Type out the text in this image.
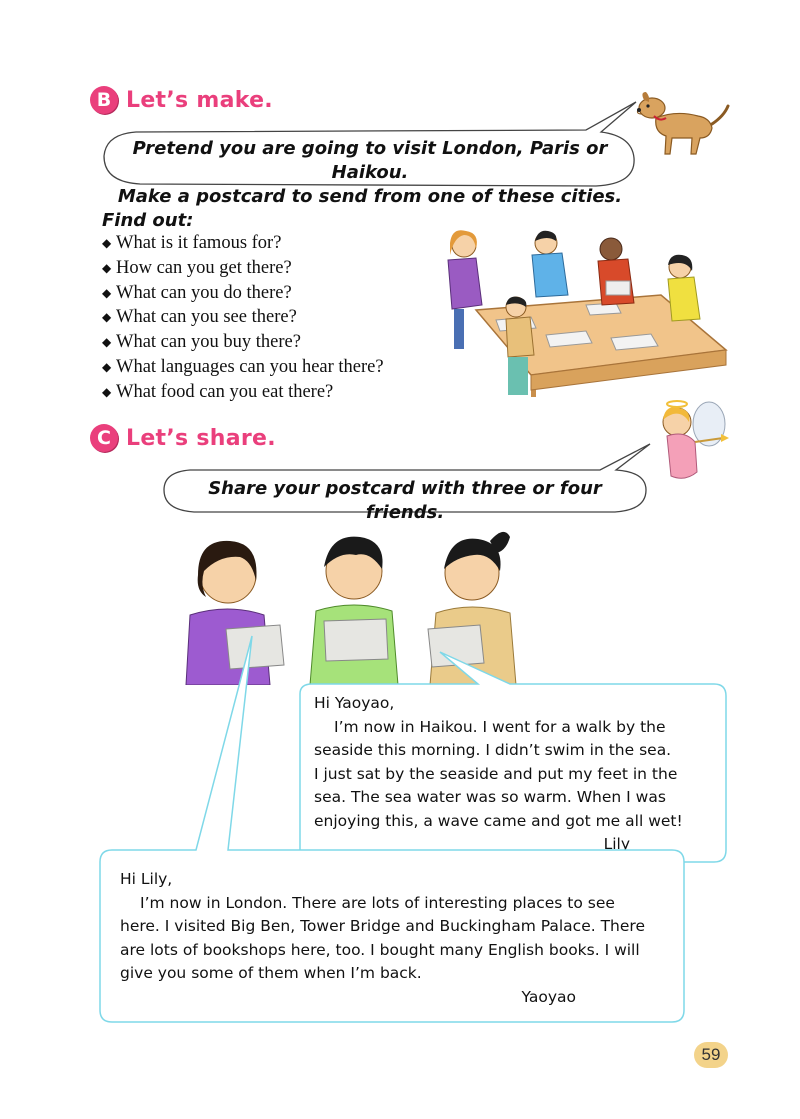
B Let’s make.
Pretend you are going to visit London, Paris or Haikou.
Make a postcard to send from one of these cities.
Find out:
◆ What is it famous for?
◆ How can you get there?
◆ What can you do there?
◆ What can you see there?
◆ What can you buy there?
◆ What languages can you hear there?
◆ What food can you eat there?
C Let’s share.
Share your postcard with three or four friends.

Hi Yaoyao,

I’m now in Haikou. I went for a walk by the

seaside this morning. I didn’t swim in the sea.

I just sat by the seaside and put my feet in the

sea. The sea water was so warm. When I was

enjoying this, a wave came and got me all wet!

Lily

Hi Lily,

I’m now in London. There are lots of interesting places to see

here. I visited Big Ben, Tower Bridge and Buckingham Palace. There

are lots of bookshops here, too. I bought many English books. I will

give you some of them when I’m back.

Yaoyao

59
